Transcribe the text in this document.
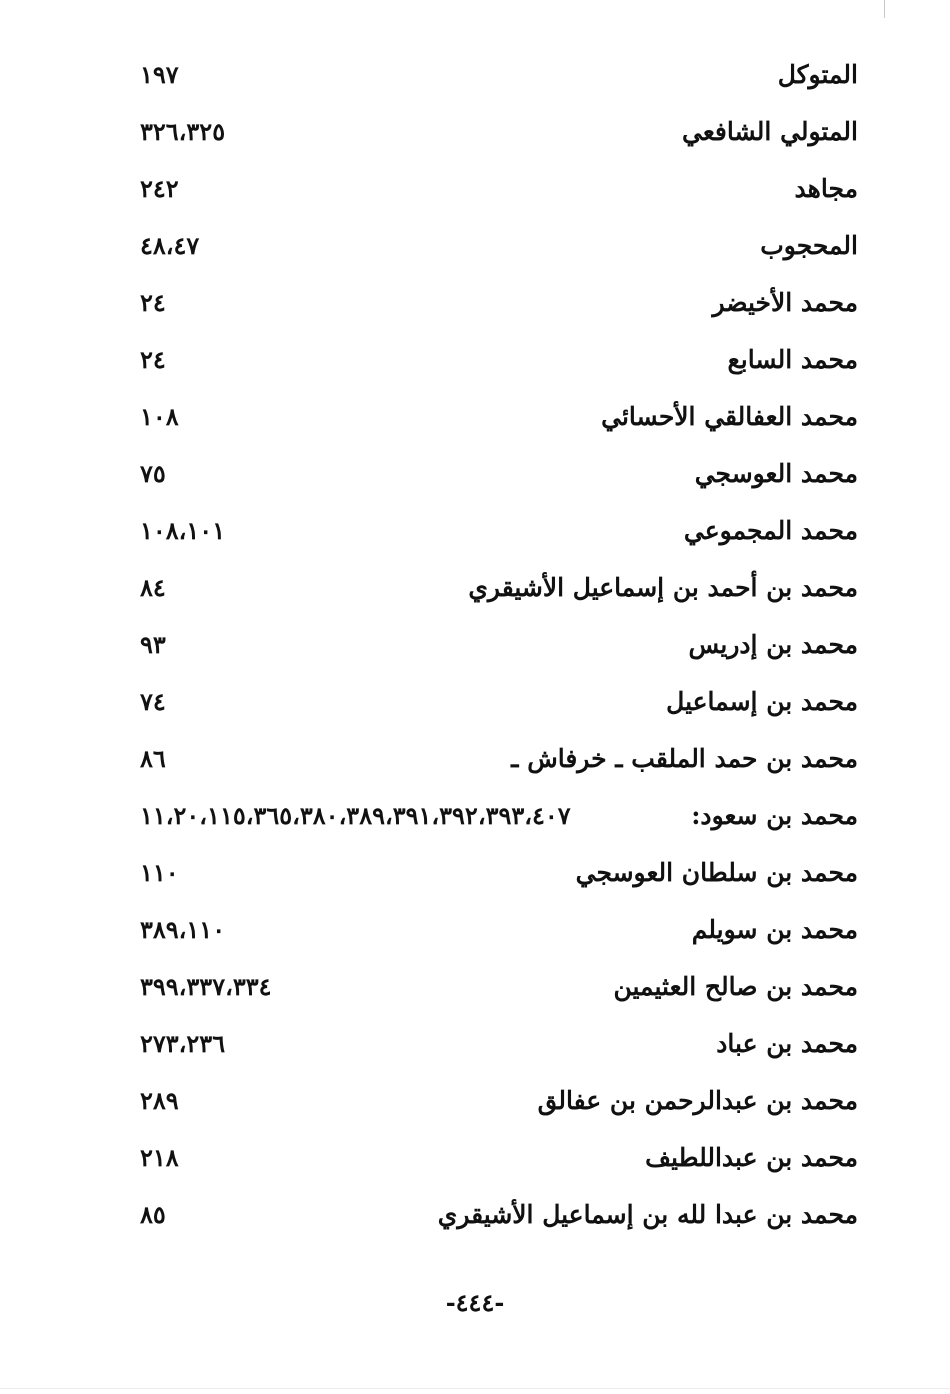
المتوكل
١٩٧
المتولي الشافعي
٣٢٦،٣٢٥
مجاهد
٢٤٢
المحجوب
٤٨،٤٧
محمد الأخيضر
٢٤
محمد السابع
٢٤
محمد العفالقي الأحسائي
١٠٨
محمد العوسجي
٧٥
محمد المجموعي
١٠٨،١٠١
محمد بن أحمد بن إسماعيل الأشيقري
٨٤
محمد بن إدريس
٩٣
محمد بن إسماعيل
٧٤
محمد بن حمد الملقب ـ خرفاش ـ
٨٦
محمد بن سعود:
١١،٢٠،١١٥،٣٦٥،٣٨٠،٣٨٩،٣٩١،٣٩٢،٣٩٣،٤٠٧
محمد بن سلطان العوسجي
١١٠
محمد بن سويلم
٣٨٩،١١٠
محمد بن صالح العثيمين
٣٩٩،٣٣٧،٣٣٤
محمد بن عباد
٢٧٣،٢٣٦
محمد بن عبدالرحمن بن عفالق
٢٨٩
محمد بن عبداللطيف
٢١٨
محمد بن عبدا لله بن إسماعيل الأشيقري
٨٥
-٤٤٤-
